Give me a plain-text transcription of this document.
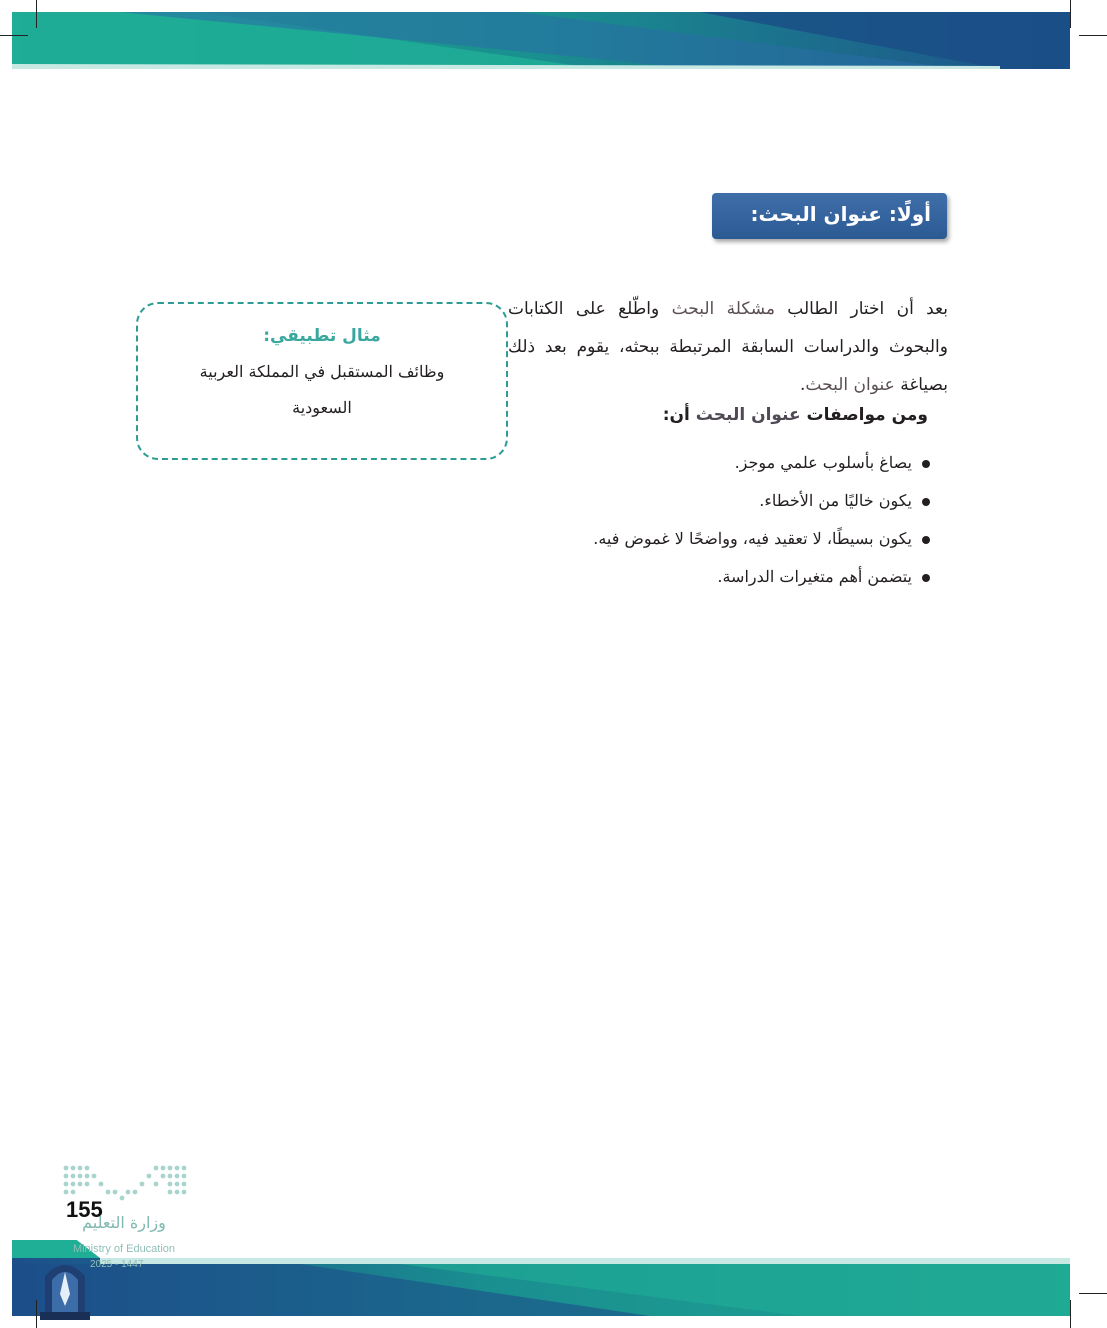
أولًا: عنوان البحث:
بعد أن اختار الطالب مشكلة البحث واطّلع على الكتابات والبحوث والدراسات السابقة المرتبطة ببحثه، يقوم بعد ذلك بصياغة عنوان البحث.
ومن مواصفات عنوان البحث أن:
يصاغ بأسلوب علمي موجز.
يكون خاليًا من الأخطاء.
يكون بسيطًا، لا تعقيد فيه، وواضحًا لا غموض فيه.
يتضمن أهم متغيرات الدراسة.
مثال تطبيقي:
وظائف المستقبل في المملكة العربية السعودية
وزارة التعليم
Ministry of Education
2025 - 1447
155
